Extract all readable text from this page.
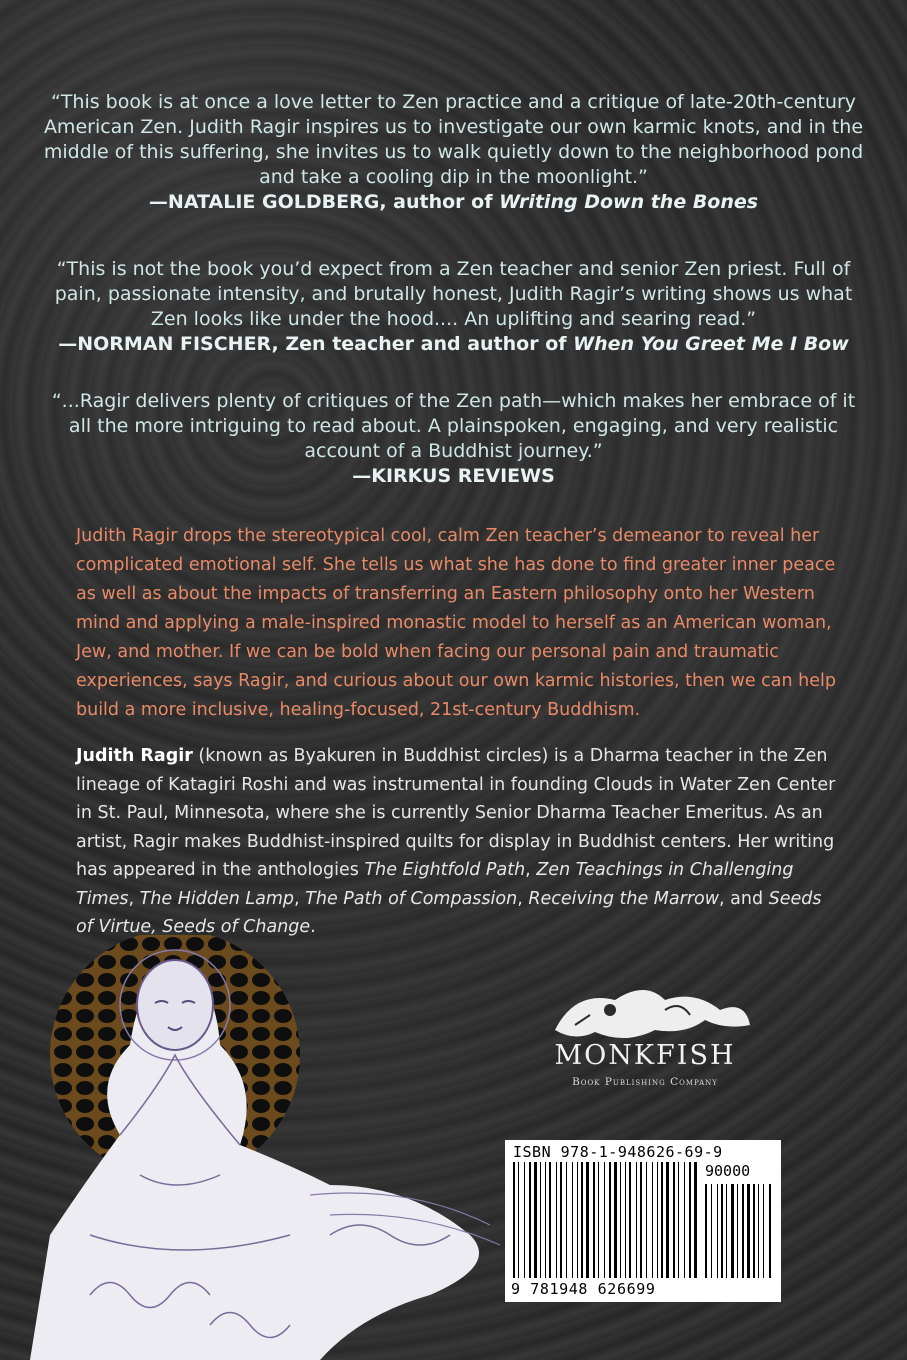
“This book is at once a love letter to Zen practice and a critique of late-20th-century American Zen. Judith Ragir inspires us to investigate our own karmic knots, and in the middle of this suffering, she invites us to walk quietly down to the neighborhood pond and take a cooling dip in the moonlight.”
—NATALIE GOLDBERG, author of Writing Down the Bones
“This is not the book you’d expect from a Zen teacher and senior Zen priest. Full of pain, passionate intensity, and brutally honest, Judith Ragir’s writing shows us what Zen looks like under the hood.... An uplifting and searing read.”
—NORMAN FISCHER, Zen teacher and author of When You Greet Me I Bow
“...Ragir delivers plenty of critiques of the Zen path—which makes her embrace of it all the more intriguing to read about. A plainspoken, engaging, and very realistic account of a Buddhist journey.”
—KIRKUS REVIEWS
Judith Ragir drops the stereotypical cool, calm Zen teacher’s demeanor to reveal her complicated emotional self. She tells us what she has done to find greater inner peace as well as about the impacts of transferring an Eastern philosophy onto her Western mind and applying a male-inspired monastic model to herself as an American woman, Jew, and mother. If we can be bold when facing our personal pain and traumatic experiences, says Ragir, and curious about our own karmic histories, then we can help build a more inclusive, healing-focused, 21st-century Buddhism.
Judith Ragir (known as Byakuren in Buddhist circles) is a Dharma teacher in the Zen lineage of Katagiri Roshi and was instrumental in founding Clouds in Water Zen Center in St. Paul, Minnesota, where she is currently Senior Dharma Teacher Emeritus. As an artist, Ragir makes Buddhist-inspired quilts for display in Buddhist centers. Her writing has appeared in the anthologies The Eightfold Path, Zen Teachings in Challenging Times, The Hidden Lamp, The Path of Compassion, Receiving the Marrow, and Seeds of Virtue, Seeds of Change.
MONKFISH
Book Publishing Company
ISBN 978-1-948626-69-9
90000
9 781948 626699
